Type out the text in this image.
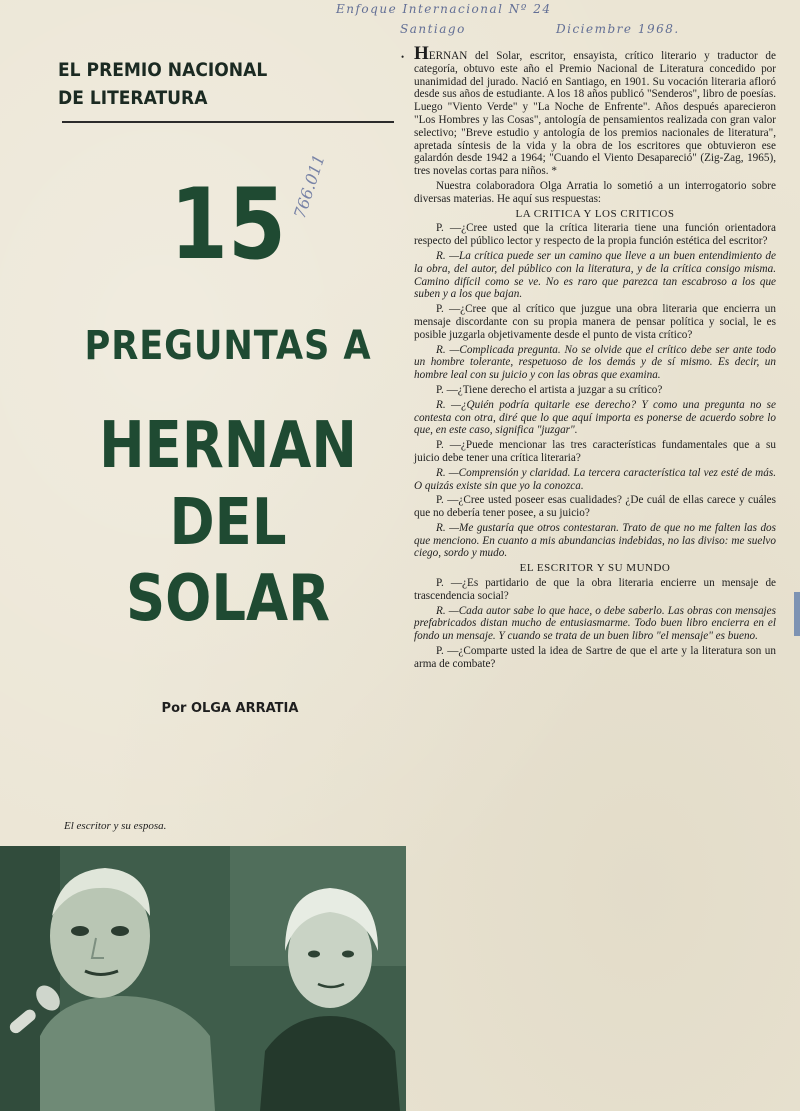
Enfoque Internacional Nº 24
Santiago	Diciembre 1968.
766.011
EL PREMIO NACIONAL
DE LITERATURA
15
PREGUNTAS A
HERNAN
DEL
SOLAR
Por OLGA ARRATIA
El escritor y su esposa.
• HERNAN del Solar, escritor, ensayista, crítico literario y traductor de categoría, obtuvo este año el Premio Nacional de Literatura concedido por unanimidad del jurado. Nació en Santiago, en 1901. Su vocación literaria afloró desde sus años de estudiante. A los 18 años publicó "Senderos", libro de poesías. Luego "Viento Verde" y "La Noche de Enfrente". Años después aparecieron "Los Hombres y las Cosas", antología de pensamientos realizada con gran valor selectivo; "Breve estudio y antología de los premios nacionales de literatura", apretada síntesis de la vida y la obra de los escritores que obtuvieron ese galardón desde 1942 a 1964; "Cuando el Viento Desapareció" (Zig-Zag, 1965), tres novelas cortas para niños. *

Nuestra colaboradora Olga Arratia lo sometió a un interrogatorio sobre diversas materias. He aquí sus respuestas:

LA CRITICA Y LOS CRITICOS

P. —¿Cree usted que la crítica literaria tiene una función orientadora respecto del público lector y respecto de la propia función estética del escritor?

R. —La crítica puede ser un camino que lleve a un buen entendimiento de la obra, del autor, del público con la literatura, y de la crítica consigo misma. Camino difícil como se ve. No es raro que parezca tan escabroso a los que suben y a los que bajan.

P. —¿Cree que al crítico que juzgue una obra literaria que encierra un mensaje discordante con su propia manera de pensar política y social, le es posible juzgarla objetivamente desde el punto de vista crítico?

R. —Complicada pregunta. No se olvide que el crítico debe ser ante todo un hombre tolerante, respetuoso de los demás y de sí mismo. Es decir, un hombre leal con su juicio y con las obras que examina.

P. —¿Tiene derecho el artista a juzgar a su crítico?

R. —¿Quién podría quitarle ese derecho? Y como una pregunta no se contesta con otra, diré que lo que aquí importa es ponerse de acuerdo sobre lo que, en este caso, significa "juzgar".

P. —¿Puede mencionar las tres características fundamentales que a su juicio debe tener una crítica literaria?

R. —Comprensión y claridad. La tercera característica tal vez esté de más. O quizás existe sin que yo la conozca.

P. —¿Cree usted poseer esas cualidades? ¿De cuál de ellas carece y cuáles que no debería tener posee, a su juicio?

R. —Me gustaría que otros contestaran. Trato de que no me falten las dos que menciono. En cuanto a mis abundancias indebidas, no las diviso: me suelvo ciego, sordo y mudo.

EL ESCRITOR Y SU MUNDO

P. —¿Es partidario de que la obra literaria encierre un mensaje de trascendencia social?

R. —Cada autor sabe lo que hace, o debe saberlo. Las obras con mensajes prefabricados distan mucho de entusiasmarme. Todo buen libro encierra en el fondo un mensaje. Y cuando se trata de un buen libro "el mensaje" es bueno.

P. —¿Comparte usted la idea de Sartre de que el arte y la literatura son un arma de combate?
